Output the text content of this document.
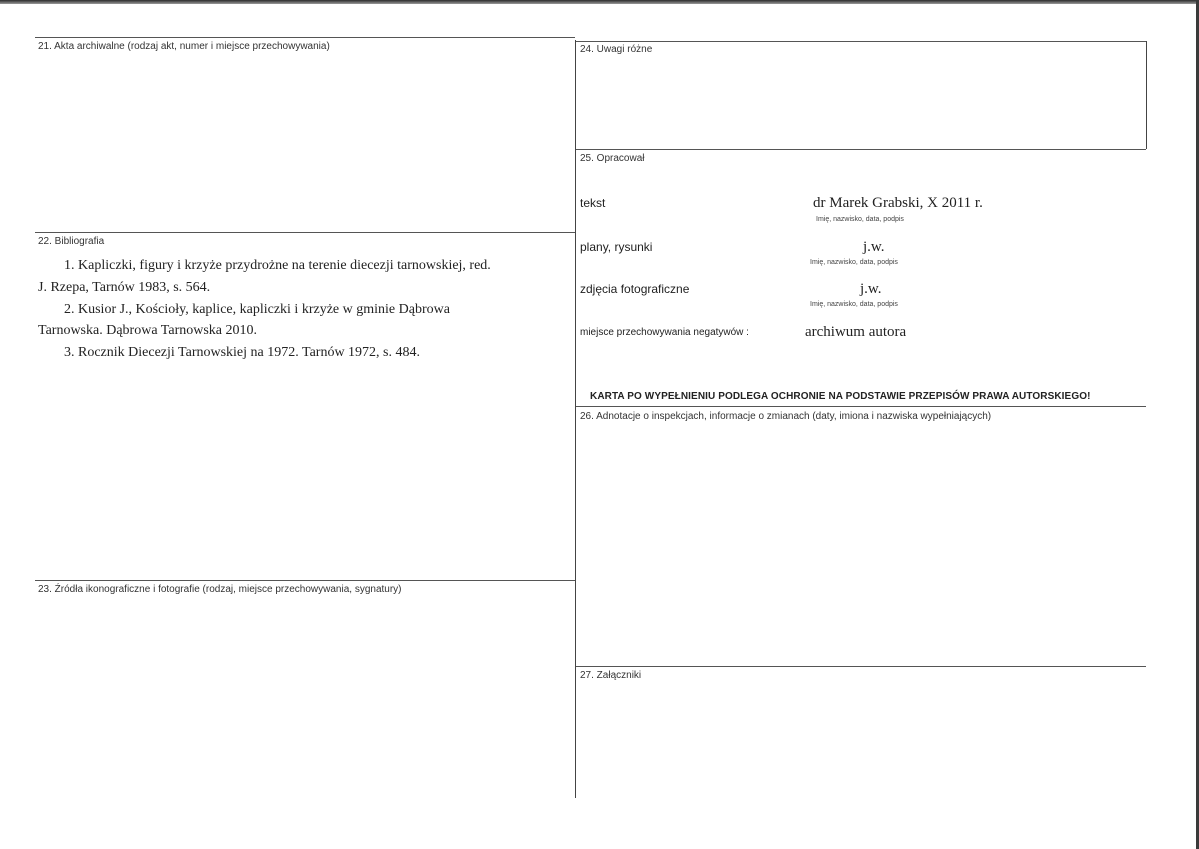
21. Akta archiwalne (rodzaj akt, numer i miejsce przechowywania)
22. Bibliografia
1. Kapliczki, figury i krzyże przydrożne na terenie diecezji tarnowskiej, red.
J. Rzepa, Tarnów 1983, s. 564.
2. Kusior J., Kościoły, kaplice, kapliczki i krzyże w gminie Dąbrowa
Tarnowska. Dąbrowa Tarnowska 2010.
3. Rocznik Diecezji Tarnowskiej na 1972. Tarnów 1972, s. 484.
23. Źródła ikonograficzne i fotografie (rodzaj, miejsce przechowywania, sygnatury)
24. Uwagi różne
25. Opracował
tekst	dr Marek Grabski, X 2011 r.
Imię, nazwisko, data, podpis
plany, rysunki	j.w.
Imię, nazwisko, data, podpis
zdjęcia fotograficzne	j.w.
Imię, nazwisko, data, podpis
miejsce przechowywania negatywów :	archiwum autora
KARTA PO WYPEŁNIENIU PODLEGA OCHRONIE NA PODSTAWIE PRZEPISÓW PRAWA AUTORSKIEGO!
26. Adnotacje o inspekcjach, informacje o zmianach (daty, imiona i nazwiska wypełniających)
27. Załączniki
